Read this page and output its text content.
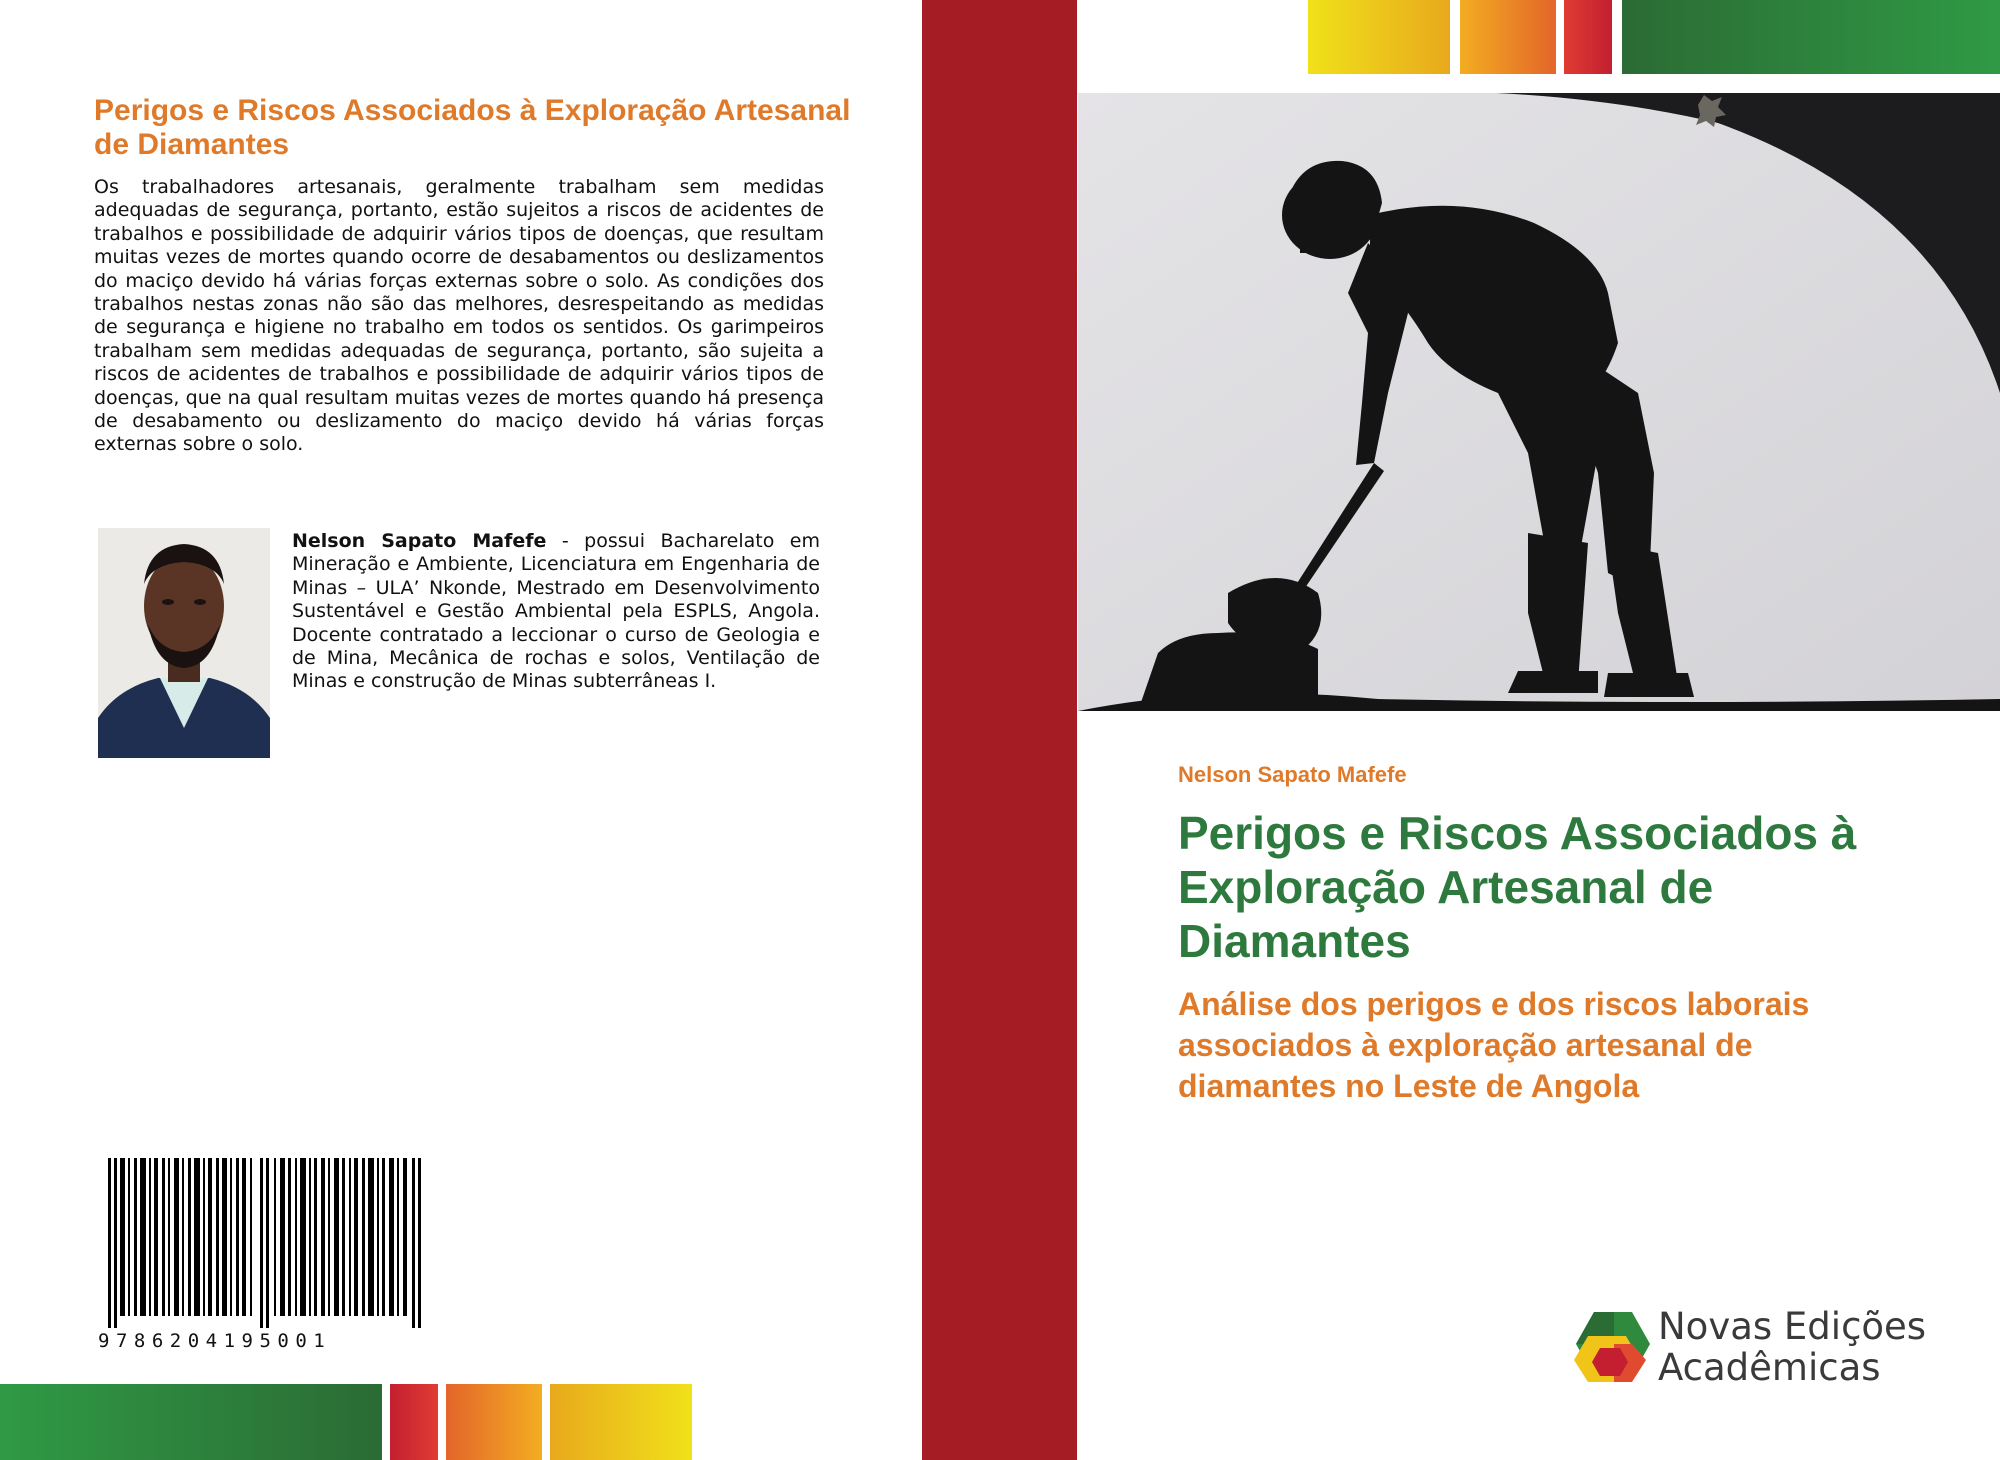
Perigos e Riscos Associados à Exploração Artesanal de Diamantes
Os trabalhadores artesanais, geralmente trabalham sem medidas adequadas de segurança, portanto, estão sujeitos a riscos de acidentes de trabalhos e possibilidade de adquirir vários tipos de doenças, que resultam muitas vezes de mortes quando ocorre de desabamentos ou deslizamentos do maciço devido há várias forças externas sobre o solo. As condições dos trabalhos nestas zonas não são das melhores, desrespeitando as medidas de segurança e higiene no trabalho em todos os sentidos. Os garimpeiros trabalham sem medidas adequadas de segurança, portanto, são sujeita a riscos de acidentes de trabalhos e possibilidade de adquirir vários tipos de doenças, que na qual resultam muitas vezes de mortes quando há presença de desabamento ou deslizamento do maciço devido há várias forças externas sobre o solo.
Nelson Sapato Mafefe - possui Bacharelato em Mineração e Ambiente, Licenciatura em Engenharia de Minas – ULA’ Nkonde, Mestrado em Desenvolvimento Sustentável e Gestão Ambiental pela ESPLS, Angola. Docente contratado a leccionar o curso de Geologia e de Mina, Mecânica de rochas e solos, Ventilação de Minas e construção de Minas subterrâneas I.
9786204195001
Nelson Sapato Mafefe
Perigos e Riscos Associados à Exploração Artesanal de Diamantes
Análise dos perigos e dos riscos laborais associados à exploração artesanal de diamantes no Leste de Angola
Novas Edições
Acadêmicas
